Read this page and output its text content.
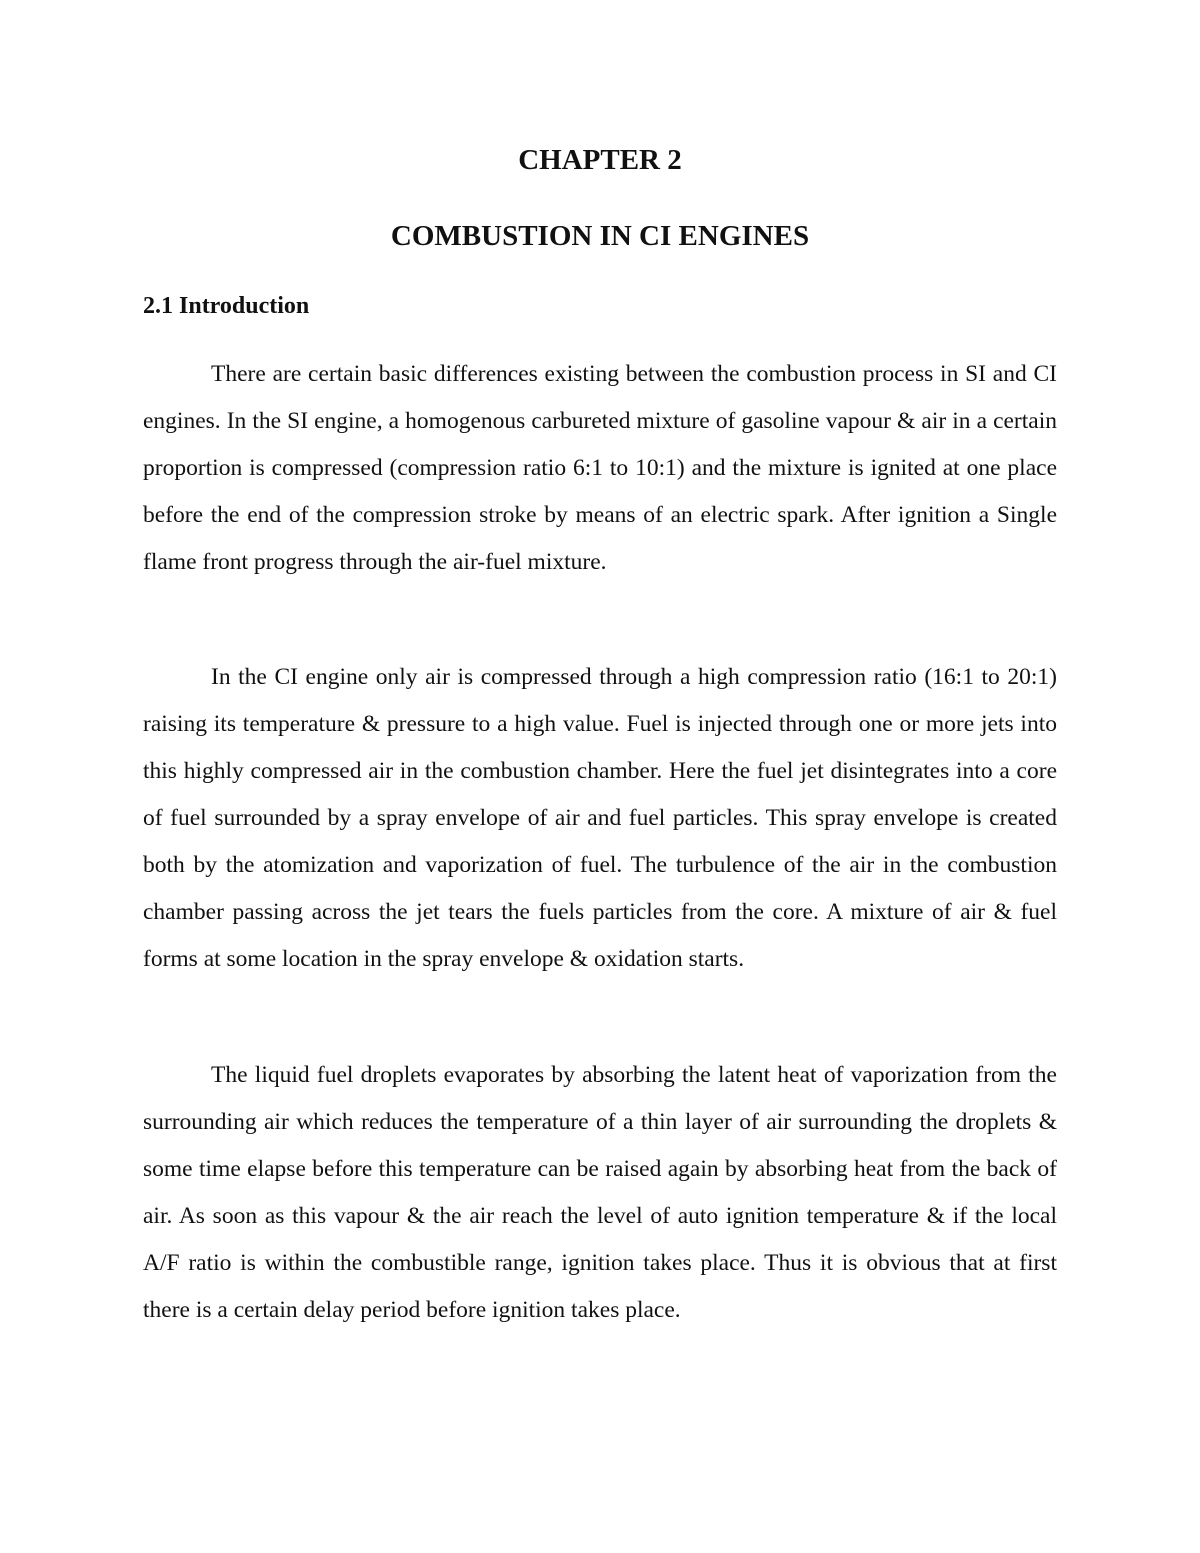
CHAPTER 2
COMBUSTION IN CI ENGINES
2.1 Introduction

There are certain basic differences existing between the combustion process in SI and CI engines. In the SI engine, a homogenous carbureted mixture of gasoline vapour & air in a certain proportion is compressed (compression ratio 6:1 to 10:1) and the mixture is ignited at one place before the end of the compression stroke by means of an electric spark. After ignition a Single flame front progress through the air-fuel mixture.

In the CI engine only air is compressed through a high compression ratio (16:1 to 20:1) raising its temperature & pressure to a high value. Fuel is injected through one or more jets into this highly compressed air in the combustion chamber. Here the fuel jet disintegrates into a core of fuel surrounded by a spray envelope of air and fuel particles. This spray envelope is created both by the atomization and vaporization of fuel. The turbulence of the air in the combustion chamber passing across the jet tears the fuels particles from the core. A mixture of air & fuel forms at some location in the spray envelope & oxidation starts.

The liquid fuel droplets evaporates by absorbing the latent heat of vaporization from the surrounding air which reduces the temperature of a thin layer of air surrounding the droplets & some time elapse before this temperature can be raised again by absorbing heat from the back of air. As soon as this vapour & the air reach the level of auto ignition temperature & if the local A/F ratio is within the combustible range, ignition takes place. Thus it is obvious that at first there is a certain delay period before ignition takes place.
